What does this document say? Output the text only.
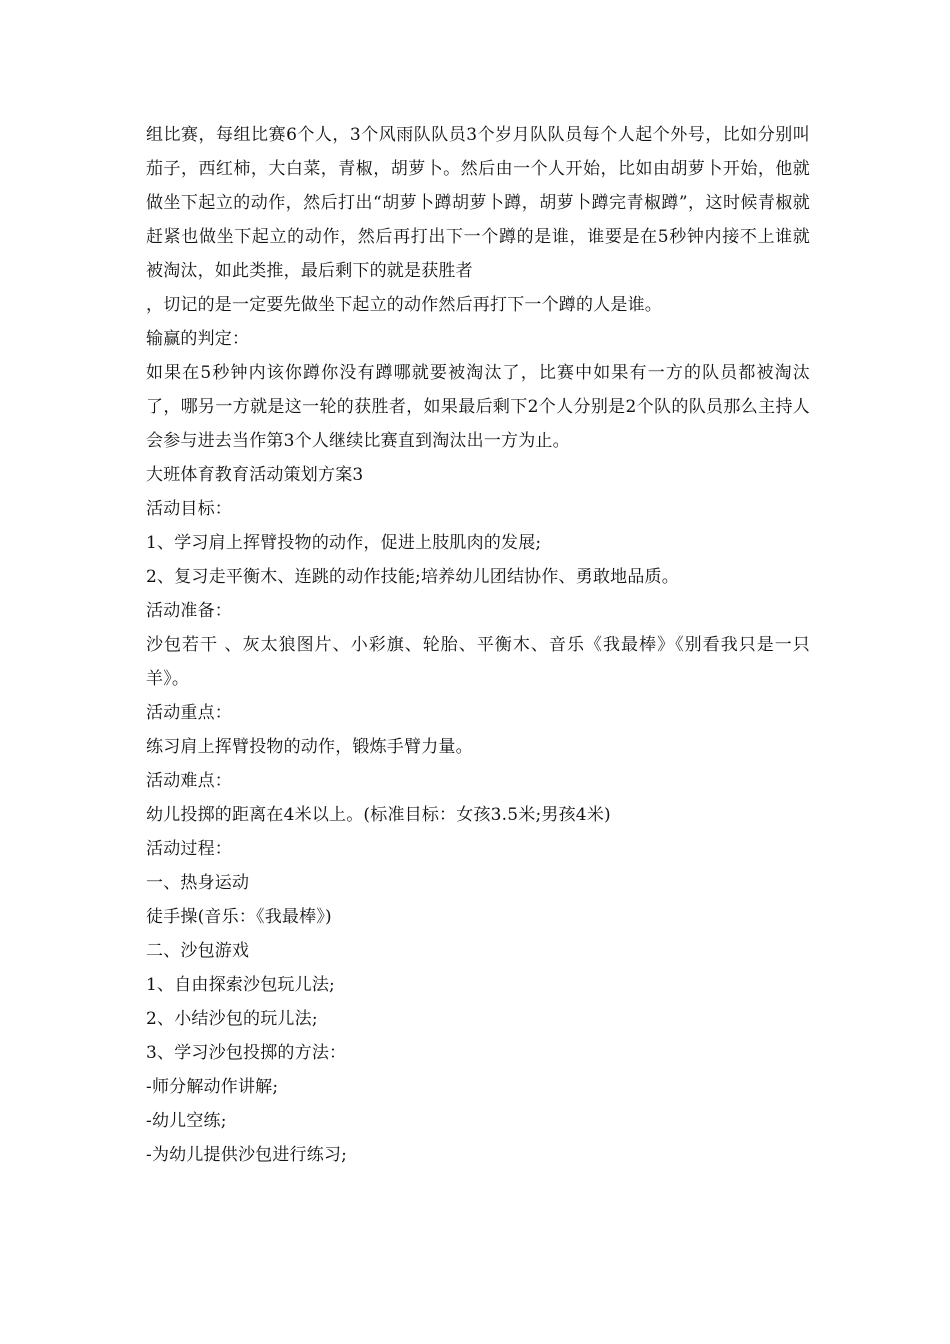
组比赛，每组比赛6个人，3个风雨队队员3个岁月队队员每个人起个外号，比如分别叫茄子，西红柿，大白菜，青椒，胡萝卜。然后由一个人开始，比如由胡萝卜开始，他就做坐下起立的动作，然后打出“胡萝卜蹲胡萝卜蹲，胡萝卜蹲完青椒蹲”，这时候青椒就赶紧也做坐下起立的动作，然后再打出下一个蹲的是谁，谁要是在5秒钟内接不上谁就被淘汰，如此类推，最后剩下的就是获胜者

，切记的是一定要先做坐下起立的动作然后再打下一个蹲的人是谁。

输赢的判定：

如果在5秒钟内该你蹲你没有蹲哪就要被淘汰了，比赛中如果有一方的队员都被淘汰了，哪另一方就是这一轮的获胜者，如果最后剩下2个人分别是2个队的队员那么主持人会参与进去当作第3个人继续比赛直到淘汰出一方为止。

大班体育教育活动策划方案3

活动目标：

1、学习肩上挥臂投物的动作，促进上肢肌肉的发展;

2、复习走平衡木、连跳的动作技能;培养幼儿团结协作、勇敢地品质。

活动准备：

沙包若干 、灰太狼图片、小彩旗、轮胎、平衡木、音乐《我最棒》《别看我只是一只羊》。

活动重点：

练习肩上挥臂投物的动作，锻炼手臂力量。

活动难点：

幼儿投掷的距离在4米以上。(标准目标：女孩3.5米;男孩4米)

活动过程：

一、热身运动

徒手操(音乐：《我最棒》)

二、沙包游戏

1、自由探索沙包玩儿法;

2、小结沙包的玩儿法;

3、学习沙包投掷的方法：

-师分解动作讲解;

-幼儿空练;

-为幼儿提供沙包进行练习;
